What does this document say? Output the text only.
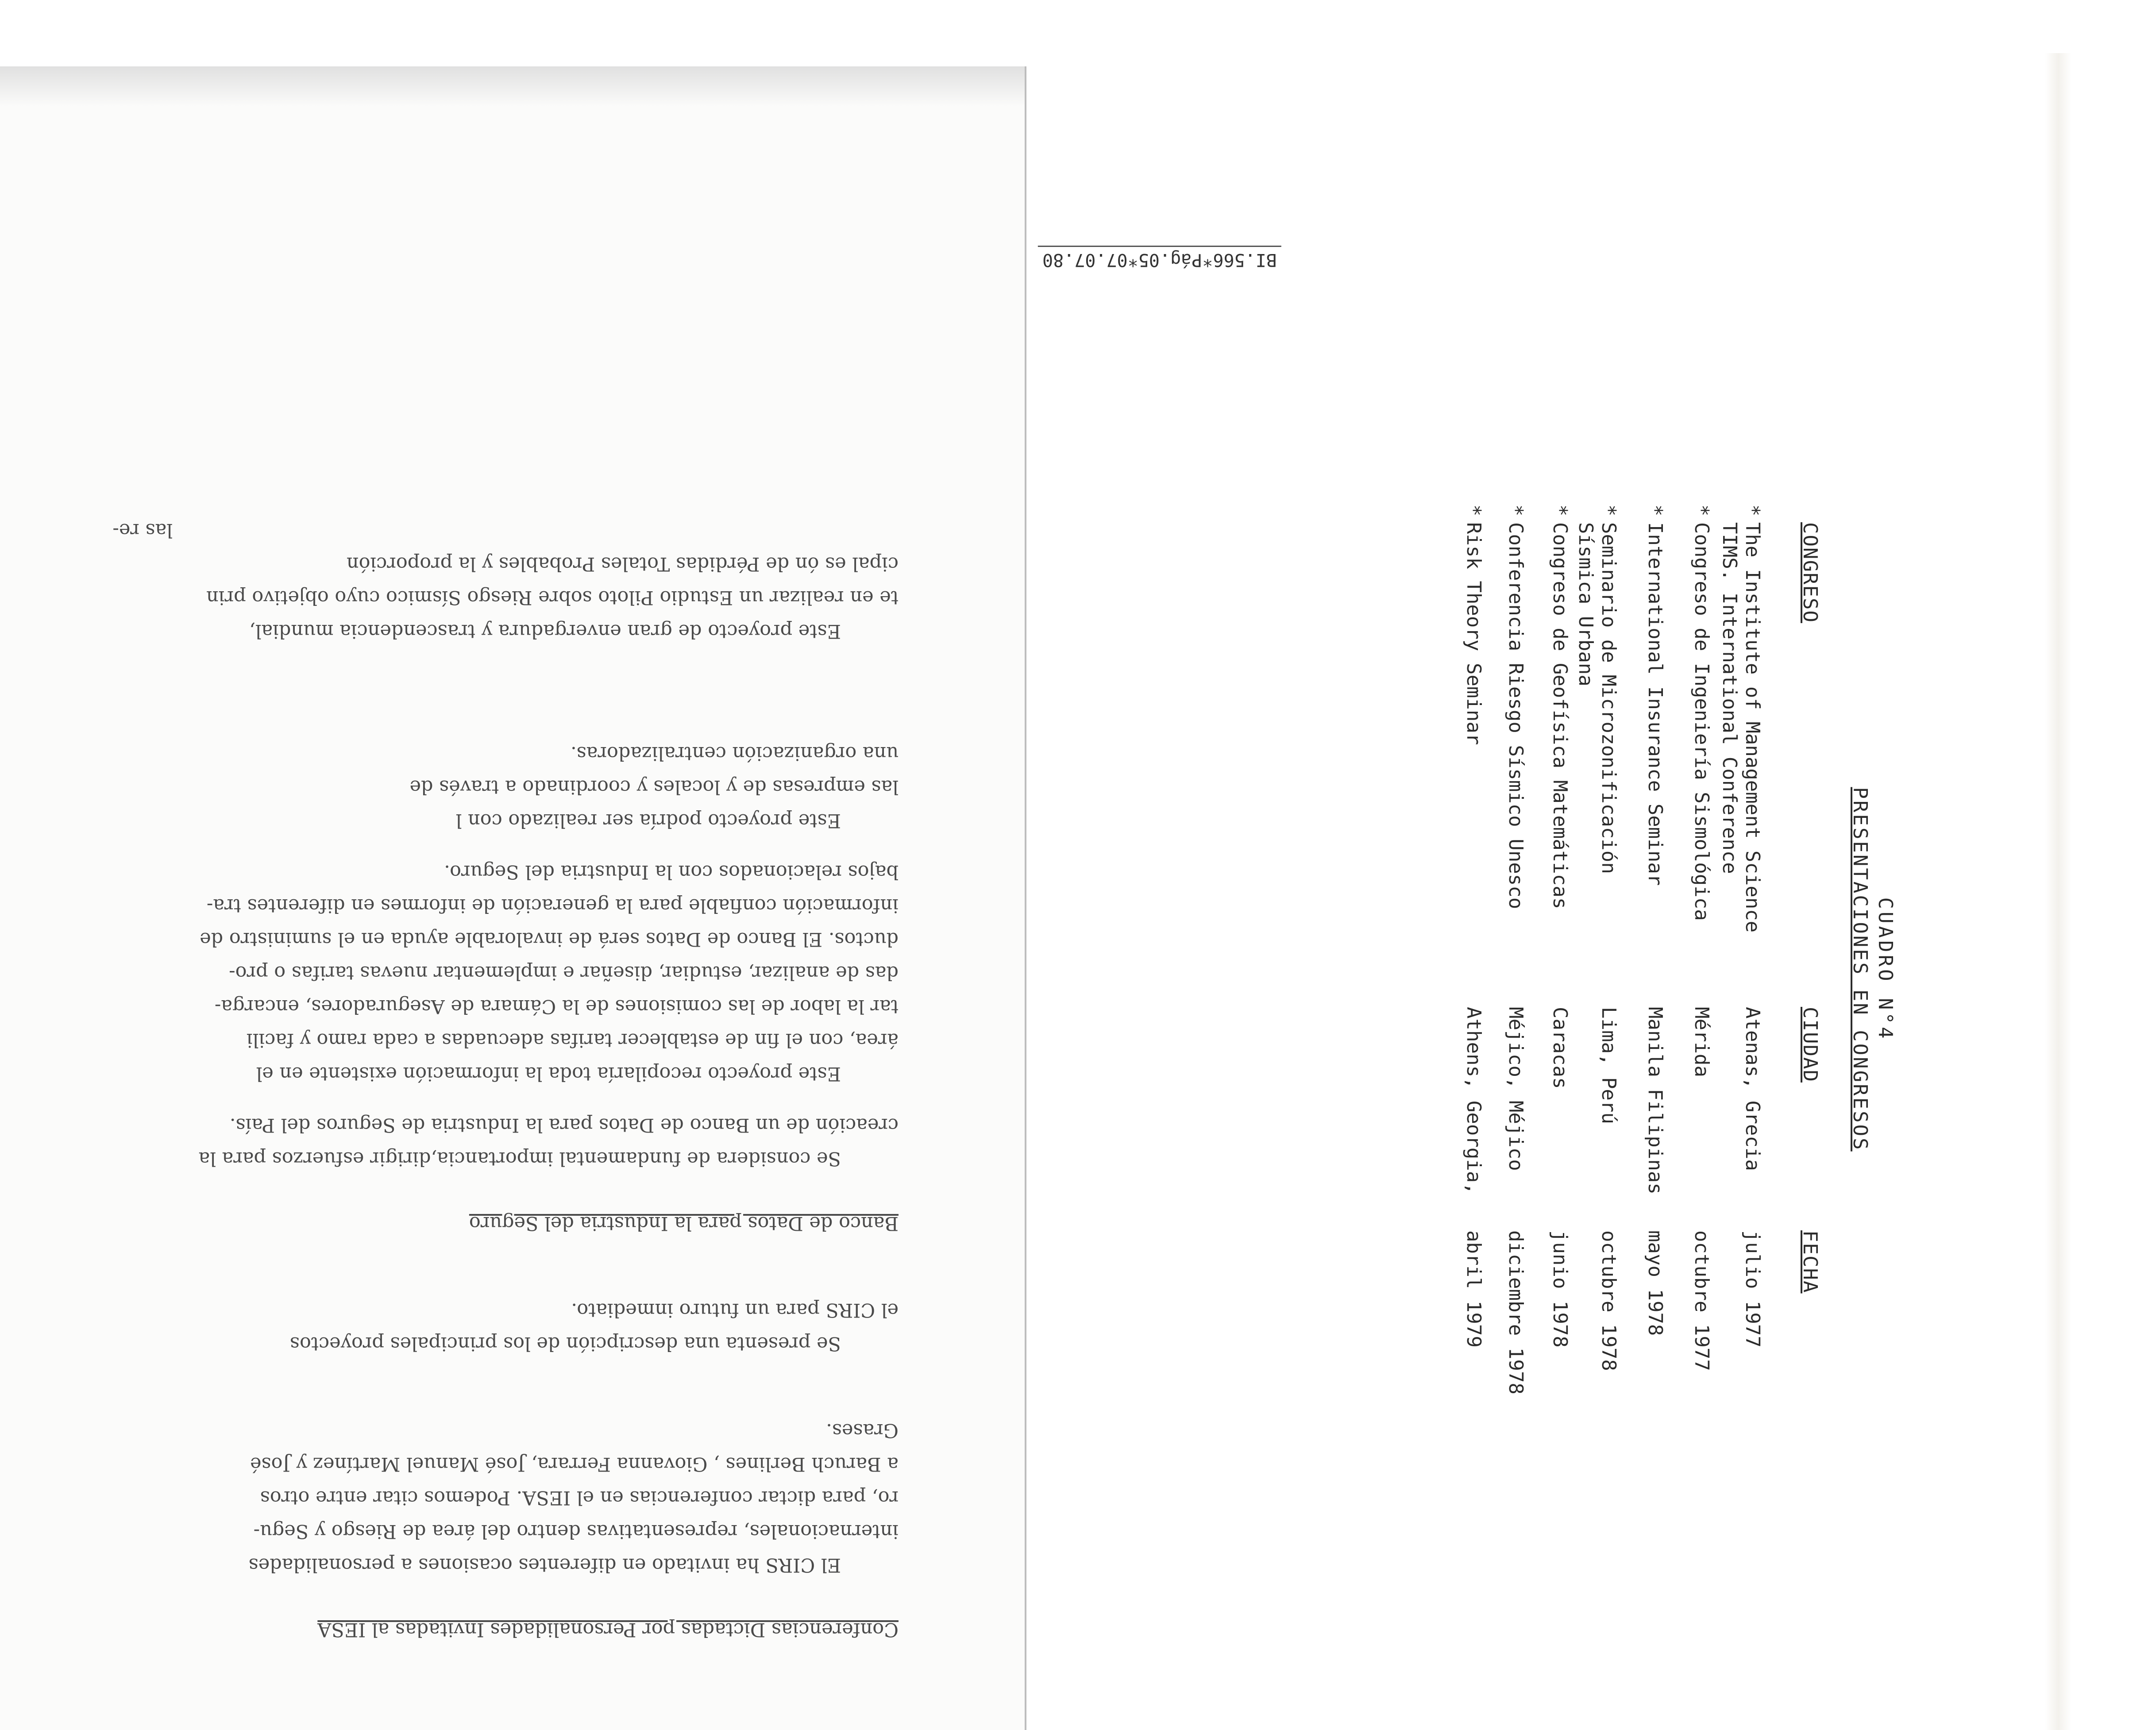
Conferencias Dictadas por Personalidades Invitadas al IESA
El CIRS ha invitado en diferentes ocasiones a personalidades
internacionales, representativas dentro del área de Riesgo y Segu-
ro, para dictar conferencias en el IESA. Podemos citar entre otros
a Baruch Berlines , Giovanna Ferrara, José Manuel Martínez y José
Grases.
Se presenta una descripción de los principales proyectos
el CIRS para un futuro inmediato.
Banco de Datos para la Industria del Seguro
Se considera de fundamental importancia,dirigir esfuerzos para la
creación de un Banco de Datos para la Industria de Seguros del País.
Este proyecto recopilaría toda la información existente en el
área, con el fin de establecer tarifas adecuadas a cada ramo y facili
tar la labor de las comisiones de la Cámara de Aseguradores, encarga-
das de analizar, estudiar, diseñar e implementar nuevas tarifas o pro-
ductos. El Banco de Datos será de invalorable ayuda en el suministro de
información confiable para la generación de informes en diferentes tra-
bajos relacionados con la Industria del Seguro.
Este proyecto podría ser realizado con l
las empresas de y locales y coordinado a través de
una organización centralizadoras.
Este proyecto de gran envergadura y trascendencia mundial,
te en realizar un Estudio Piloto sobre Riesgo Sísmico cuyo objetivo prin
cipal es ón de Pérdidas Totales Probables y la proporción
las re-
BI.566*Pág.05*07.07.80
CUADRO N°4
PRESENTACIONES EN CONGRESOS
CONGRESO
CIUDAD
FECHA
*
The Institute of Management Science
TIMS. International Conference
Atenas, Grecia
julio 1977
*
Congreso de Ingeniería Sismológica
Mérida
octubre 1977
*
International Insurance Seminar
Manila Filipinas
mayo 1978
*
Seminario de Microzonificación
Sísmica Urbana
Lima, Perú
octubre 1978
*
Congreso de Geofísica Matemáticas
Caracas
junio 1978
*
Conferencia Riesgo Sísmico Unesco
Méjico, Méjico
diciembre 1978
*
Risk Theory Seminar
Athens, Georgia,
abril 1979
